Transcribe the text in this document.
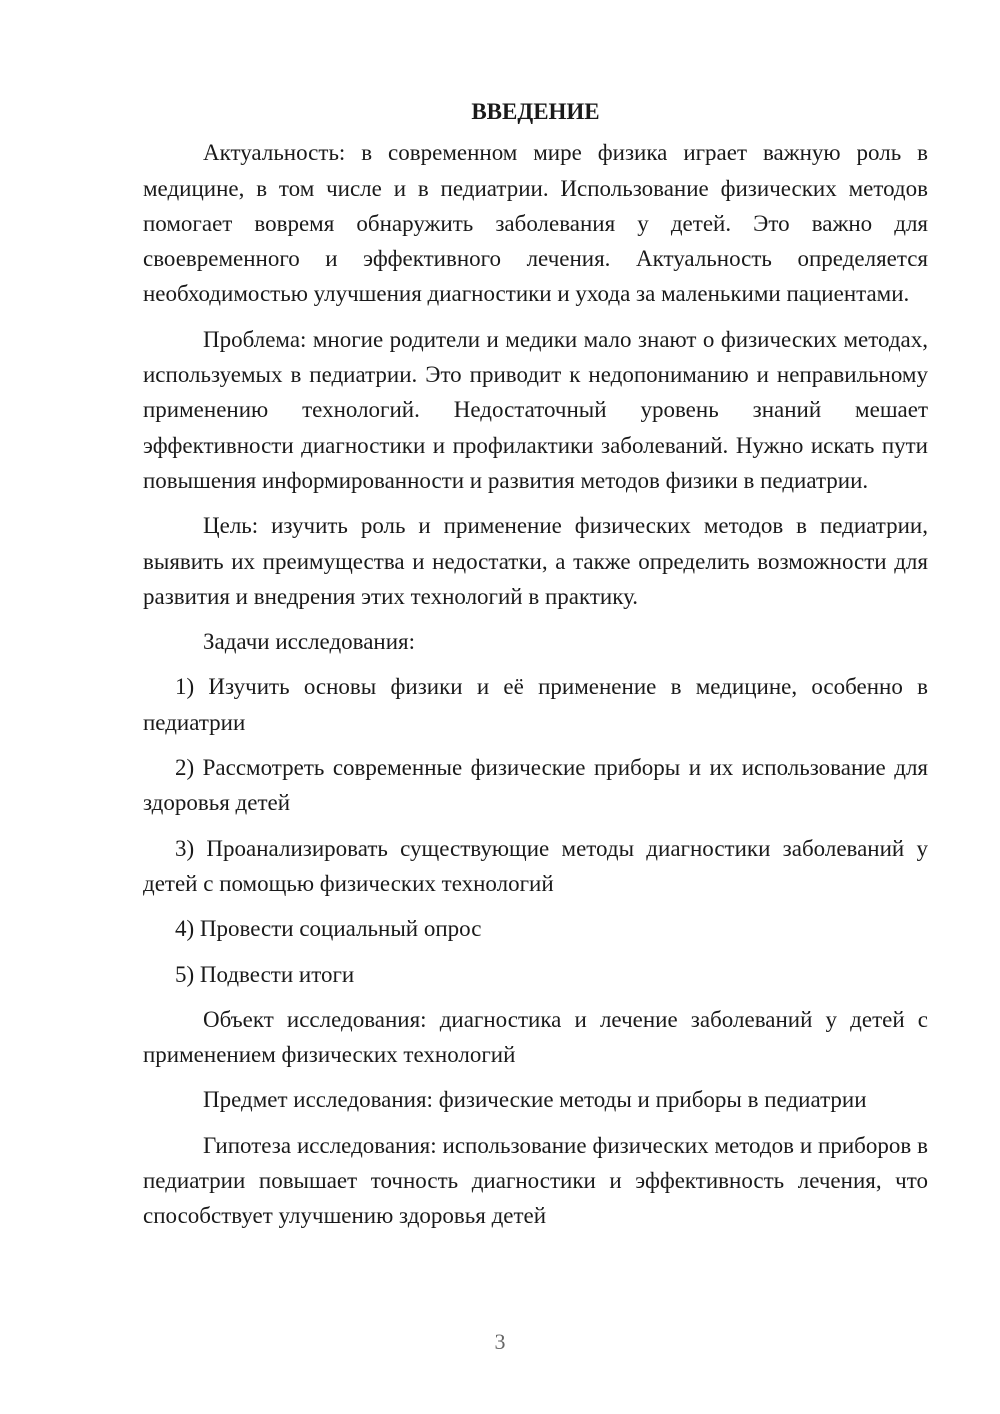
ВВЕДЕНИЕ
Актуальность: в современном мире физика играет важную роль в медицине, в том числе и в педиатрии. Использование физических методов помогает вовремя обнаружить заболевания у детей. Это важно для своевременного и эффективного лечения. Актуальность определяется необходимостью улучшения диагностики и ухода за маленькими пациентами.
Проблема: многие родители и медики мало знают о физических методах, используемых в педиатрии. Это приводит к недопониманию и неправильному применению технологий. Недостаточный уровень знаний мешает эффективности диагностики и профилактики заболеваний. Нужно искать пути повышения информированности и развития методов физики в педиатрии.
Цель: изучить роль и применение физических методов в педиатрии, выявить их преимущества и недостатки, а также определить возможности для развития и внедрения этих технологий в практику.
Задачи исследования:
1) Изучить основы физики и её применение в медицине, особенно в педиатрии
2) Рассмотреть современные физические приборы и их использование для здоровья детей
3) Проанализировать существующие методы диагностики заболеваний у детей с помощью физических технологий
4) Провести социальный опрос
5) Подвести итоги
Объект исследования: диагностика и лечение заболеваний у детей с применением физических технологий
Предмет исследования: физические методы и приборы в педиатрии
Гипотеза исследования: использование физических методов и приборов в педиатрии повышает точность диагностики и эффективность лечения, что способствует улучшению здоровья детей
3
